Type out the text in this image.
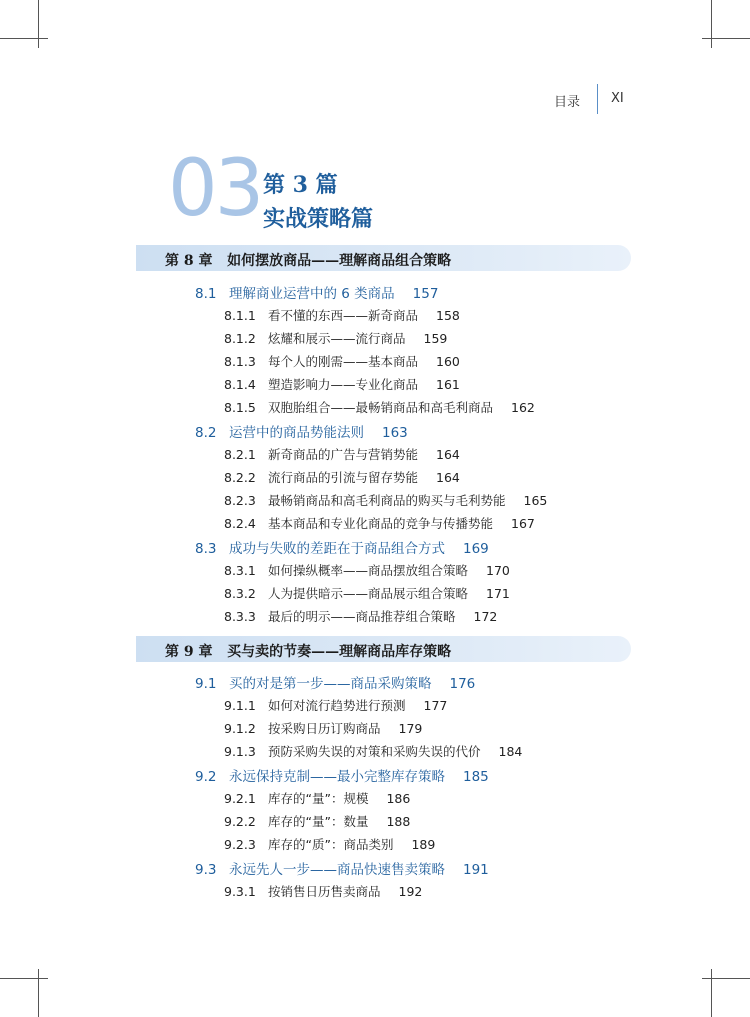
目录 XI
03 第 3 篇
实战策略篇
第 8 章 如何摆放商品——理解商品组合策略
8.1 理解商业运营中的 6 类商品 157
8.1.1 看不懂的东西——新奇商品 158
8.1.2 炫耀和展示——流行商品 159
8.1.3 每个人的刚需——基本商品 160
8.1.4 塑造影响力——专业化商品 161
8.1.5 双胞胎组合——最畅销商品和高毛利商品 162
8.2 运营中的商品势能法则 163
8.2.1 新奇商品的广告与营销势能 164
8.2.2 流行商品的引流与留存势能 164
8.2.3 最畅销商品和高毛利商品的购买与毛利势能 165
8.2.4 基本商品和专业化商品的竞争与传播势能 167
8.3 成功与失败的差距在于商品组合方式 169
8.3.1 如何操纵概率——商品摆放组合策略 170
8.3.2 人为提供暗示——商品展示组合策略 171
8.3.3 最后的明示——商品推荐组合策略 172
第 9 章 买与卖的节奏——理解商品库存策略
9.1 买的对是第一步——商品采购策略 176
9.1.1 如何对流行趋势进行预测 177
9.1.2 按采购日历订购商品 179
9.1.3 预防采购失误的对策和采购失误的代价 184
9.2 永远保持克制——最小完整库存策略 185
9.2.1 库存的“量”：规模 186
9.2.2 库存的“量”：数量 188
9.2.3 库存的“质”：商品类别 189
9.3 永远先人一步——商品快速售卖策略 191
9.3.1 按销售日历售卖商品 192
